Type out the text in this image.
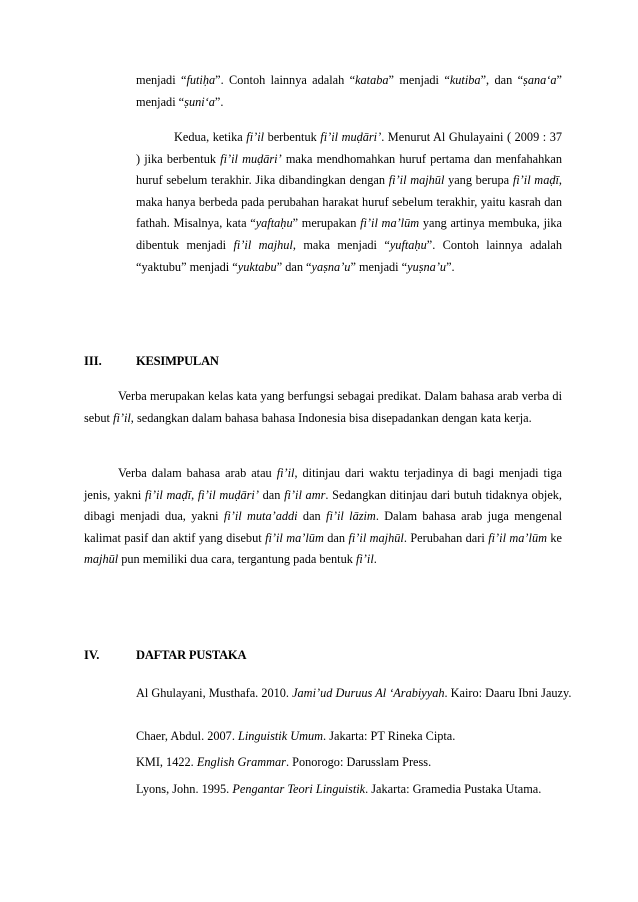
menjadi “futiḥa”. Contoh lainnya adalah “kataba” menjadi “kutiba”, dan “ṣana‘a” menjadi “ṣuni‘a”.

Kedua, ketika fi’il berbentuk fi’il muḍāri’. Menurut Al Ghulayaini ( 2009 : 37 ) jika berbentuk fi’il muḍāri’ maka mendhomahkan huruf pertama dan menfahahkan huruf sebelum terakhir. Jika dibandingkan dengan fi’il majhūl yang berupa fi’il maḍī, maka hanya berbeda pada perubahan harakat huruf sebelum terakhir, yaitu kasrah dan fathah. Misalnya, kata “yaftaḥu” merupakan fi’il ma’lūm yang artinya membuka, jika dibentuk menjadi fi’il majhul, maka menjadi “yuftaḥu”. Contoh lainnya adalah “yaktubu” menjadi “yuktabu” dan “yaṣna’u” menjadi “yuṣna’u”.

III.	KESIMPULAN

Verba merupakan kelas kata yang berfungsi sebagai predikat. Dalam bahasa arab verba di sebut fi’il, sedangkan dalam bahasa bahasa Indonesia bisa disepadankan dengan kata kerja.

Verba dalam bahasa arab atau fi’il, ditinjau dari waktu terjadinya di bagi menjadi tiga jenis, yakni fi’il maḍī, fi’il muḍāri’ dan fi’il amr. Sedangkan ditinjau dari butuh tidaknya objek, dibagi menjadi dua, yakni fi’il muta’addi dan fi’il lāzim. Dalam bahasa arab juga mengenal kalimat pasif dan aktif yang disebut fi’il ma’lūm dan fi’il majhūl. Perubahan dari fi’il ma’lūm ke majhūl pun memiliki dua cara, tergantung pada bentuk fi’il.

IV.	DAFTAR PUSTAKA

Al Ghulayani, Musthafa. 2010. Jami’ud Duruus Al ‘Arabiyyah. Kairo: Daaru Ibni Jauzy.

Chaer, Abdul. 2007. Linguistik Umum. Jakarta: PT Rineka Cipta.

KMI, 1422. English Grammar. Ponorogo: Darusslam Press.

Lyons, John. 1995. Pengantar Teori Linguistik. Jakarta: Gramedia Pustaka Utama.
